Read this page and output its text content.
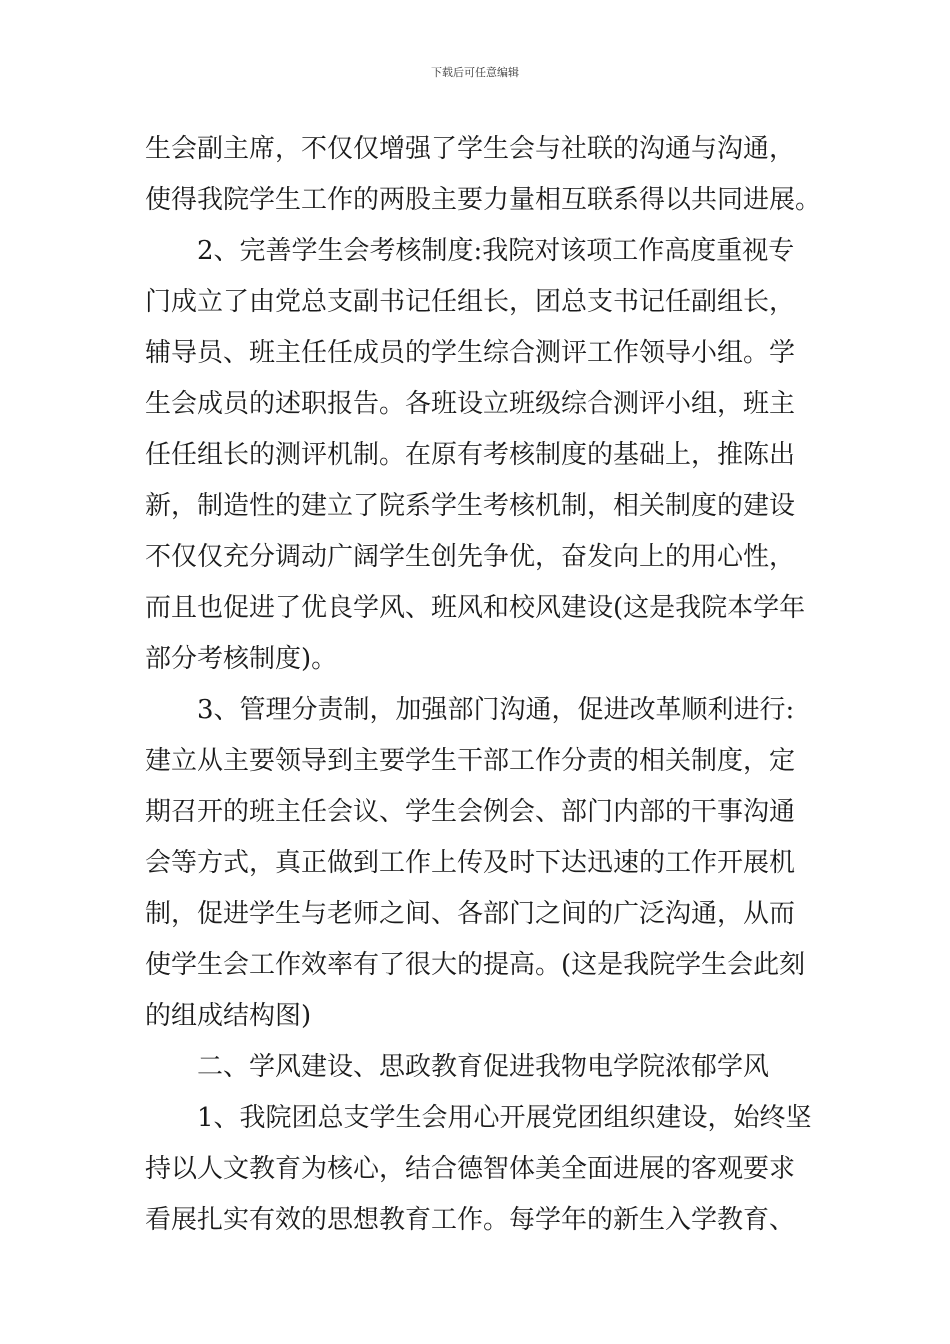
下载后可任意编辑
生会副主席，不仅仅增强了学生会与社联的沟通与沟通，
使得我院学生工作的两股主要力量相互联系得以共同进展。
2、完善学生会考核制度:我院对该项工作高度重视专
门成立了由党总支副书记任组长，团总支书记任副组长，
辅导员、班主任任成员的学生综合测评工作领导小组。学
生会成员的述职报告。各班设立班级综合测评小组，班主
任任组长的测评机制。在原有考核制度的基础上，推陈出
新，制造性的建立了院系学生考核机制，相关制度的建设
不仅仅充分调动广阔学生创先争优，奋发向上的用心性，
而且也促进了优良学风、班风和校风建设(这是我院本学年
部分考核制度)。
3、管理分责制，加强部门沟通，促进改革顺利进行:
建立从主要领导到主要学生干部工作分责的相关制度，定
期召开的班主任会议、学生会例会、部门内部的干事沟通
会等方式，真正做到工作上传及时下达迅速的工作开展机
制，促进学生与老师之间、各部门之间的广泛沟通，从而
使学生会工作效率有了很大的提高。(这是我院学生会此刻
的组成结构图)
二、学风建设、思政教育促进我物电学院浓郁学风
1、我院团总支学生会用心开展党团组织建设，始终坚
持以人文教育为核心，结合德智体美全面进展的客观要求
看展扎实有效的思想教育工作。每学年的新生入学教育、
